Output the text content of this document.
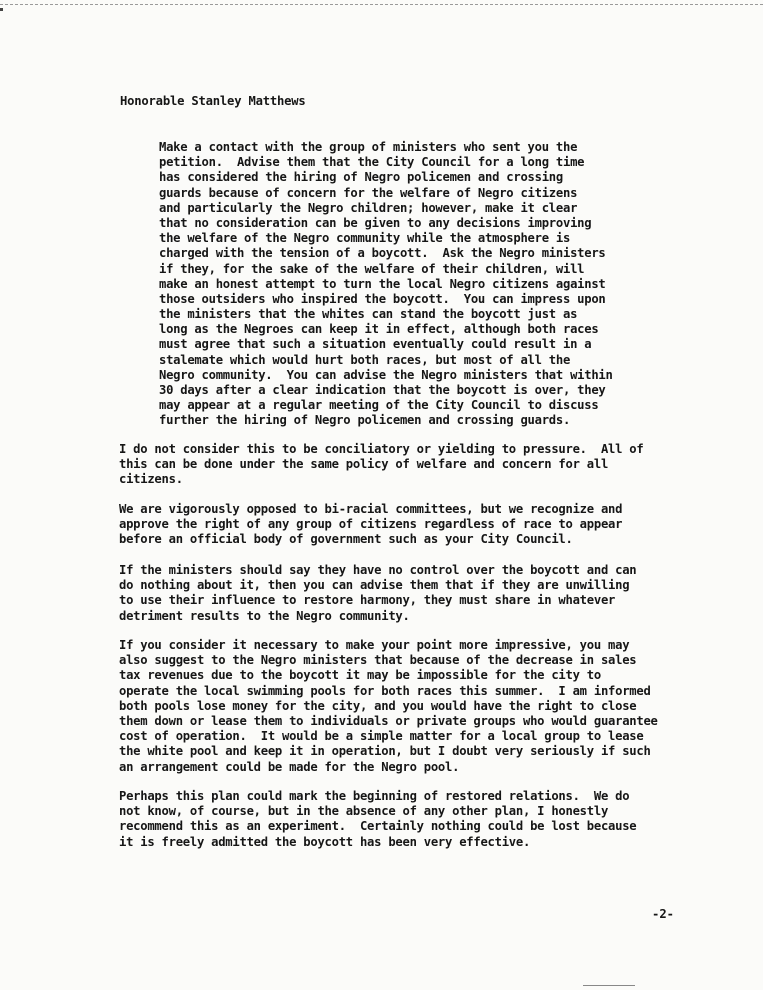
Honorable Stanley Matthews
Make a contact with the group of ministers who sent you the
petition.  Advise them that the City Council for a long time
has considered the hiring of Negro policemen and crossing
guards because of concern for the welfare of Negro citizens
and particularly the Negro children; however, make it clear
that no consideration can be given to any decisions improving
the welfare of the Negro community while the atmosphere is
charged with the tension of a boycott.  Ask the Negro ministers
if they, for the sake of the welfare of their children, will
make an honest attempt to turn the local Negro citizens against
those outsiders who inspired the boycott.  You can impress upon
the ministers that the whites can stand the boycott just as
long as the Negroes can keep it in effect, although both races
must agree that such a situation eventually could result in a
stalemate which would hurt both races, but most of all the
Negro community.  You can advise the Negro ministers that within
30 days after a clear indication that the boycott is over, they
may appear at a regular meeting of the City Council to discuss
further the hiring of Negro policemen and crossing guards.
I do not consider this to be conciliatory or yielding to pressure.  All of
this can be done under the same policy of welfare and concern for all
citizens.
We are vigorously opposed to bi-racial committees, but we recognize and
approve the right of any group of citizens regardless of race to appear
before an official body of government such as your City Council.
If the ministers should say they have no control over the boycott and can
do nothing about it, then you can advise them that if they are unwilling
to use their influence to restore harmony, they must share in whatever
detriment results to the Negro community.
If you consider it necessary to make your point more impressive, you may
also suggest to the Negro ministers that because of the decrease in sales
tax revenues due to the boycott it may be impossible for the city to
operate the local swimming pools for both races this summer.  I am informed
both pools lose money for the city, and you would have the right to close
them down or lease them to individuals or private groups who would guarantee
cost of operation.  It would be a simple matter for a local group to lease
the white pool and keep it in operation, but I doubt very seriously if such
an arrangement could be made for the Negro pool.
Perhaps this plan could mark the beginning of restored relations.  We do
not know, of course, but in the absence of any other plan, I honestly
recommend this as an experiment.  Certainly nothing could be lost because
it is freely admitted the boycott has been very effective.
-2-
